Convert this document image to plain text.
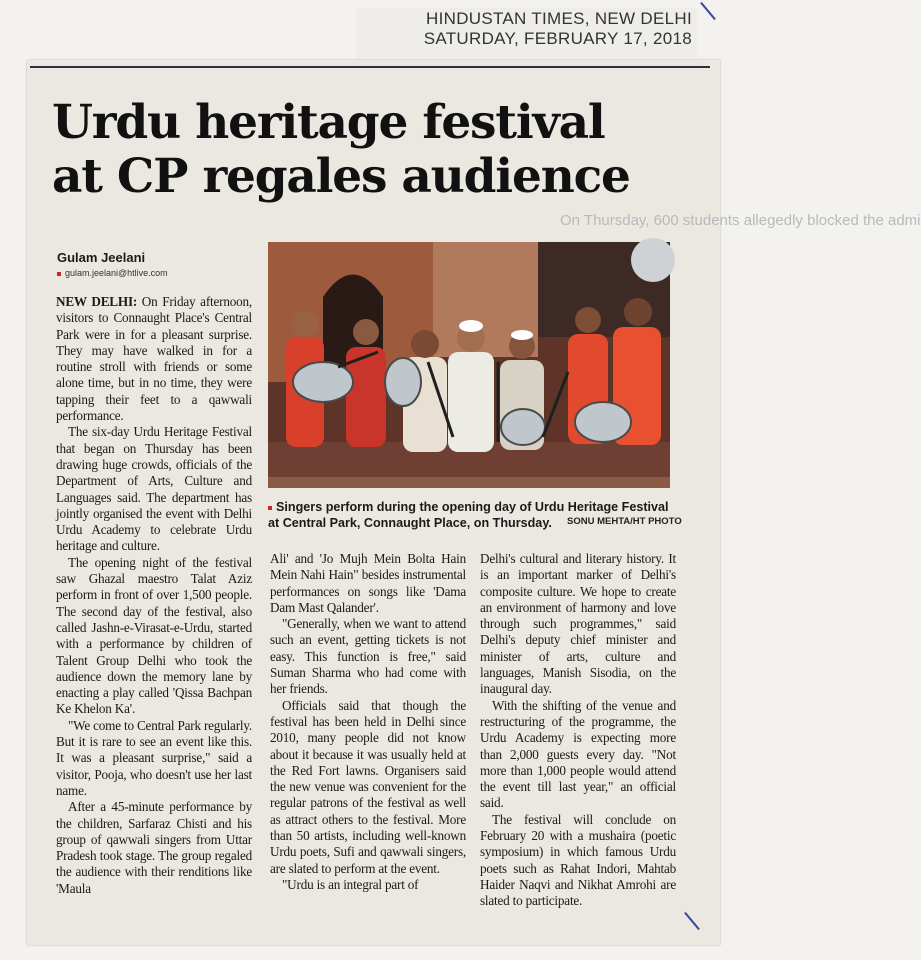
HINDUSTAN TIMES, NEW DELHI
SATURDAY, FEBRUARY 17, 2018
Urdu heritage festival
at CP regales audience
On Thursday, 600 students allegedly blocked the admi
Gulam Jeelani
gulam.jeelani@htlive.com

NEW DELHI: On Friday afternoon, visitors to Connaught Place's Central Park were in for a pleasant surprise. They may have walked in for a routine stroll with friends or some alone time, but in no time, they were tapping their feet to a qawwali performance.

The six-day Urdu Heritage Festival that began on Thursday has been drawing huge crowds, officials of the Department of Arts, Culture and Languages said. The department has jointly organised the event with Delhi Urdu Academy to celebrate Urdu heritage and culture.

The opening night of the festival saw Ghazal maestro Talat Aziz perform in front of over 1,500 people. The second day of the festival, also called Jashn-e-Virasat-e-Urdu, started with a performance by children of Talent Group Delhi who took the audience down the memory lane by enacting a play called 'Qissa Bachpan Ke Khelon Ka'.

"We come to Central Park regularly. But it is rare to see an event like this. It was a pleasant surprise," said a visitor, Pooja, who doesn't use her last name.

After a 45-minute performance by the children, Sarfaraz Chisti and his group of qawwali singers from Uttar Pradesh took stage. The group regaled the audience with their renditions like 'Maula

Singers perform during the opening day of Urdu Heritage Festival at Central Park, Connaught Place, on Thursday.	SONU MEHTA/HT PHOTO

Ali' and 'Jo Mujh Mein Bolta Hain Mein Nahi Hain" besides instrumental performances on songs like 'Dama Dam Mast Qalander'.

"Generally, when we want to attend such an event, getting tickets is not easy. This function is free," said Suman Sharma who had come with her friends.

Officials said that though the festival has been held in Delhi since 2010, many people did not know about it because it was usually held at the Red Fort lawns. Organisers said the new venue was convenient for the regular patrons of the festival as well as attract others to the festival. More than 50 artists, including well-known Urdu poets, Sufi and qawwali singers, are slated to perform at the event.

"Urdu is an integral part of

Delhi's cultural and literary history. It is an important marker of Delhi's composite culture. We hope to create an environment of harmony and love through such programmes," said Delhi's deputy chief minister and minister of arts, culture and languages, Manish Sisodia, on the inaugural day.

With the shifting of the venue and restructuring of the programme, the Urdu Academy is expecting more than 2,000 guests every day. "Not more than 1,000 people would attend the event till last year," an official said.

The festival will conclude on February 20 with a mushaira (poetic symposium) in which famous Urdu poets such as Rahat Indori, Mahtab Haider Naqvi and Nikhat Amrohi are slated to participate.
